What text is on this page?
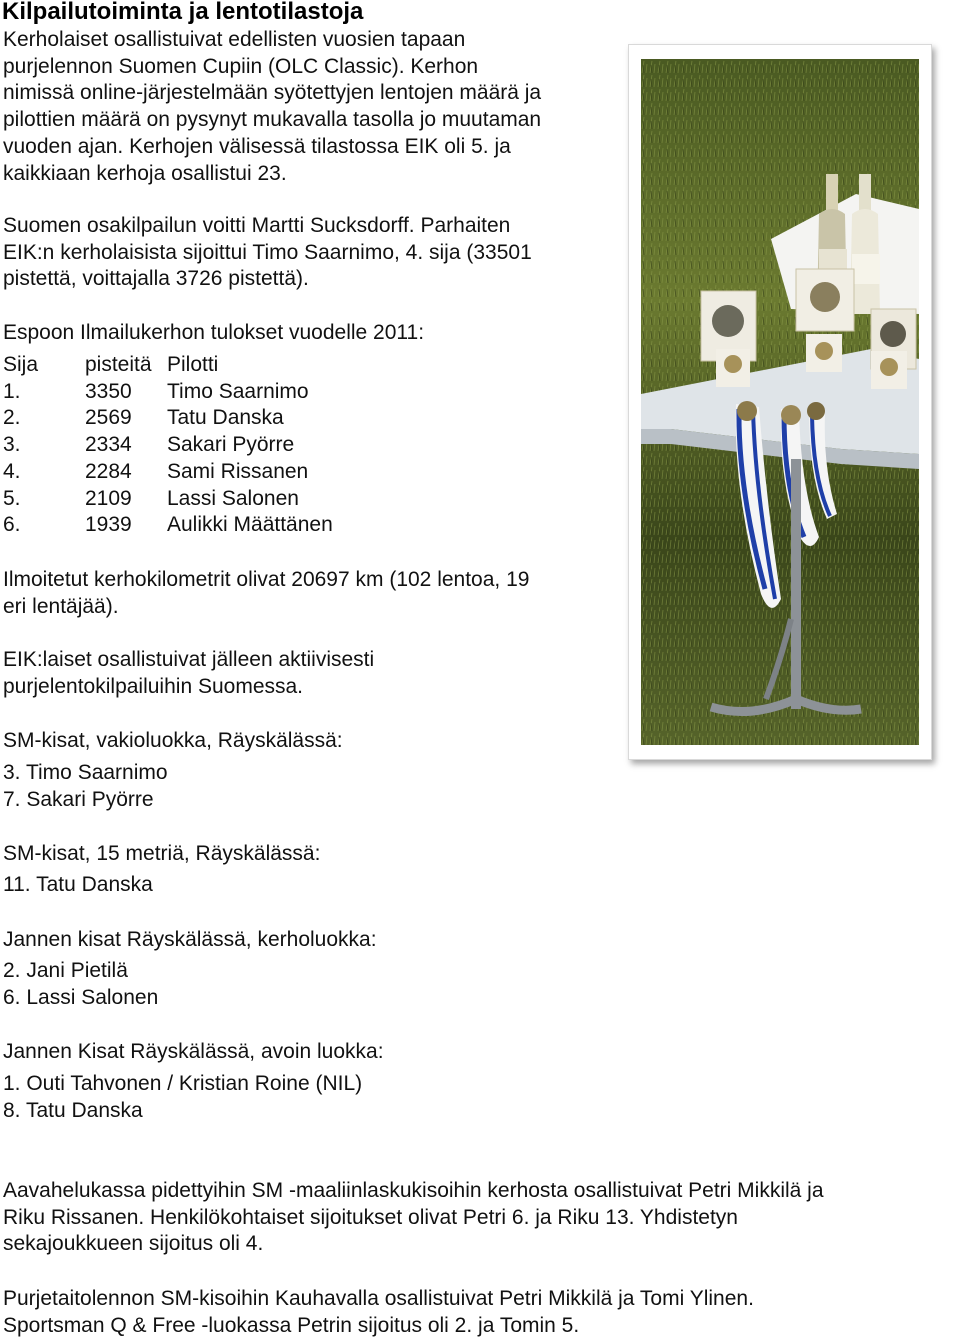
Kilpailutoiminta ja lentotilastoja

Kerholaiset osallistuivat edellisten vuosien tapaan
purjelennon Suomen Cupiin (OLC Classic). Kerhon
nimissä online-järjestelmään syötettyjen lentojen määrä ja
pilottien määrä on pysynyt mukavalla tasolla jo muutaman
vuoden ajan. Kerhojen välisessä tilastossa EIK oli 5. ja
kaikkiaan kerhoja osallistui 23.

Suomen osakilpailun voitti Martti Sucksdorff. Parhaiten
EIK:n kerholaisista sijoittui Timo Saarnimo, 4. sija (33501
pistettä, voittajalla 3726 pistettä).

Espoon Ilmailukerhon tulokset vuodelle 2011:

Sija	pisteitä	Pilotti
1.	3350	Timo Saarnimo
2.	2569	Tatu Danska
3.	2334	Sakari Pyörre
4.	2284	Sami Rissanen
5.	2109	Lassi Salonen
6.	1939	Aulikki Määttänen

Ilmoitetut kerhokilometrit olivat 20697 km (102 lentoa, 19
eri lentäjää).

EIK:laiset osallistuivat jälleen aktiivisesti
purjelentokilpailuihin Suomessa.

SM-kisat, vakioluokka, Räyskälässä:

3. Timo Saarnimo
7. Sakari Pyörre

SM-kisat, 15 metriä, Räyskälässä:

11. Tatu Danska

Jannen kisat Räyskälässä, kerholuokka:

2. Jani Pietilä
6. Lassi Salonen

Jannen Kisat Räyskälässä, avoin luokka:

1. Outi Tahvonen / Kristian Roine (NIL)
8. Tatu Danska

Aavahelukassa pidettyihin SM -maaliinlaskukisoihin kerhosta osallistuivat Petri Mikkilä ja
Riku Rissanen. Henkilökohtaiset sijoitukset olivat Petri 6. ja Riku 13. Yhdistetyn
sekajoukkueen sijoitus oli 4.

Purjetaitolennon SM-kisoihin Kauhavalla osallistuivat Petri Mikkilä ja Tomi Ylinen.
Sportsman Q & Free -luokassa Petrin sijoitus oli 2. ja Tomin 5.
